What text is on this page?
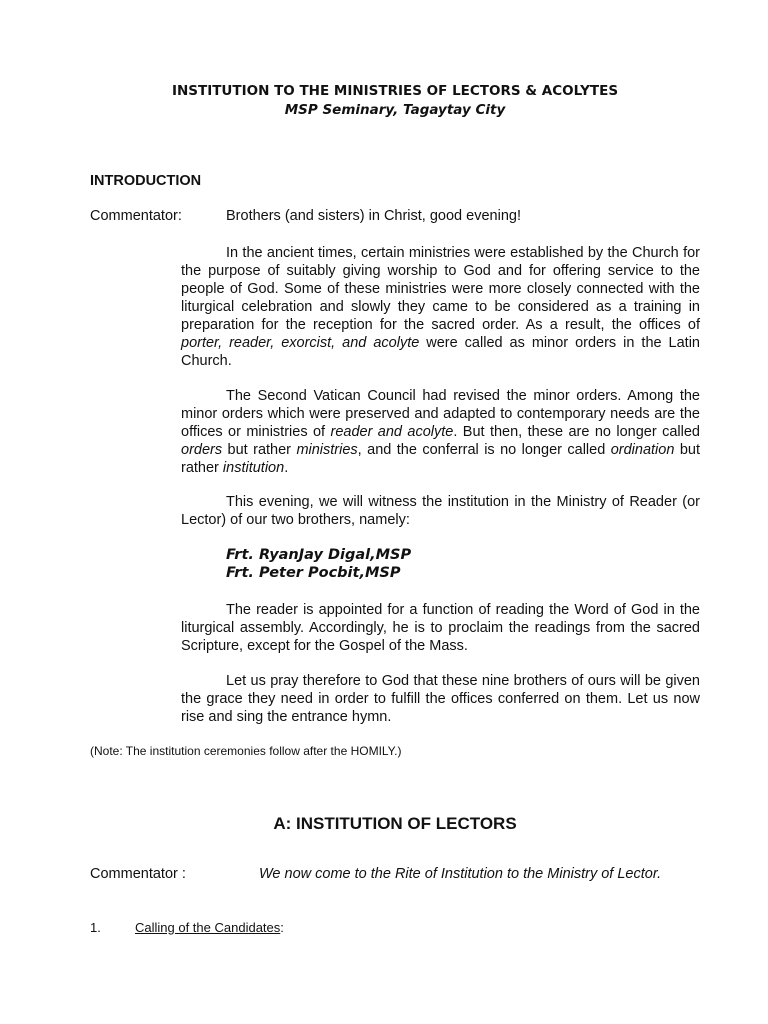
INSTITUTION TO THE MINISTRIES OF LECTORS & ACOLYTES
MSP Seminary, Tagaytay City
INTRODUCTION
Commentator:	Brothers (and sisters) in Christ, good evening!

In the ancient times, certain ministries were established by the Church for the purpose of suitably giving worship to God and for offering service to the people of God. Some of these ministries were more closely connected with the liturgical celebration and slowly they came to be considered as a training in preparation for the reception for the sacred order. As a result, the offices of porter, reader, exorcist, and acolyte were called as minor orders in the Latin Church.

The Second Vatican Council had revised the minor orders. Among the minor orders which were preserved and adapted to contemporary needs are the offices or ministries of reader and acolyte. But then, these are no longer called orders but rather ministries, and the conferral is no longer called ordination but rather institution.

This evening, we will witness the institution in the Ministry of Reader (or Lector) of our two brothers, namely:

Frt. RyanJay Digal,MSP
Frt. Peter Pocbit,MSP

The reader is appointed for a function of reading the Word of God in the liturgical assembly. Accordingly, he is to proclaim the readings from the sacred Scripture, except for the Gospel of the Mass.

Let us pray therefore to God that these nine brothers of ours will be given the grace they need in order to fulfill the offices conferred on them. Let us now rise and sing the entrance hymn.

(Note: The institution ceremonies follow after the HOMILY.)
A: INSTITUTION OF LECTORS
Commentator :	We now come to the Rite of Institution to the Ministry of Lector.
1.	Calling of the Candidates:
